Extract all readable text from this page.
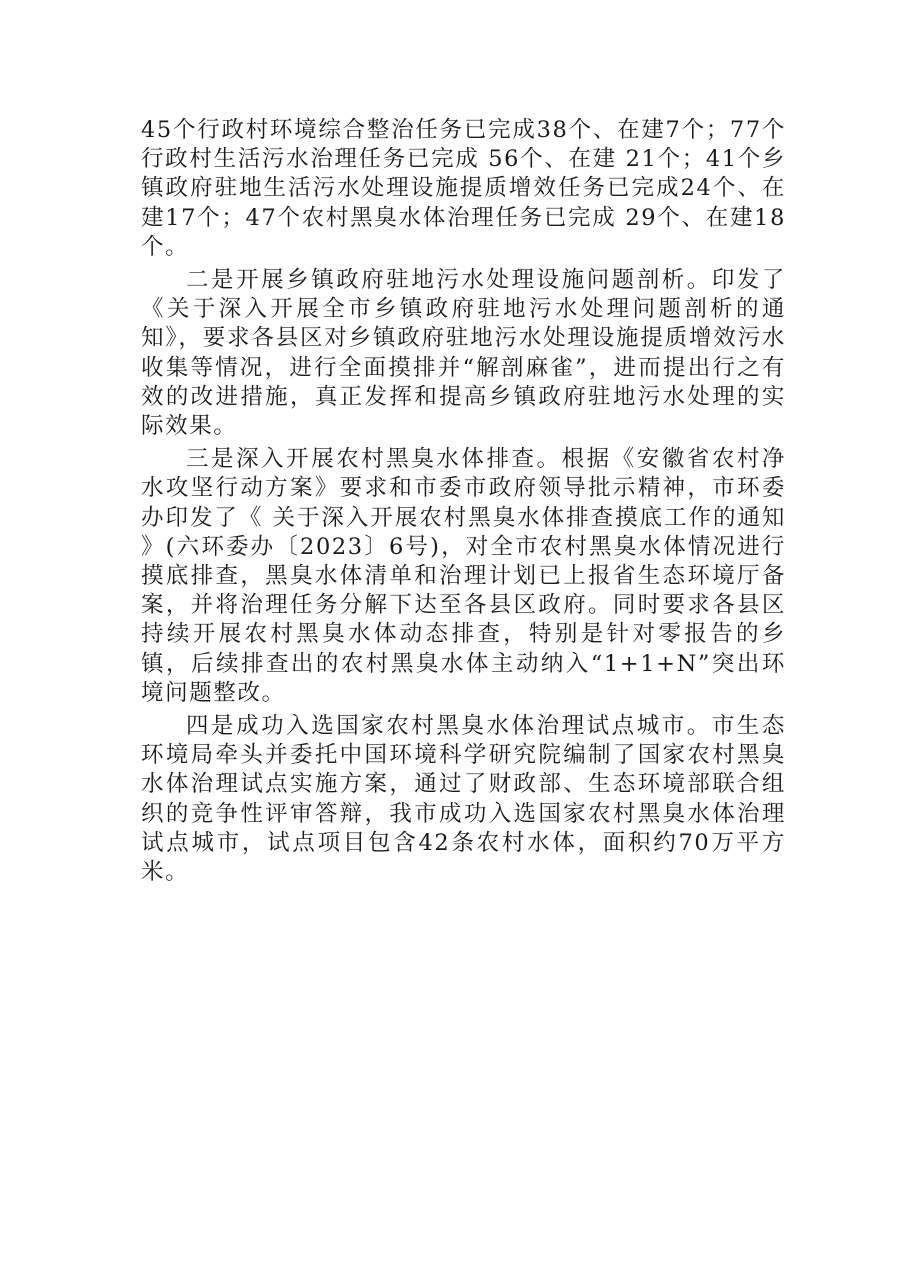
45个行政村环境综合整治任务已完成38个、在建7个；77个行政村生活污水治理任务已完成 56个、在建 21个；41个乡镇政府驻地生活污水处理设施提质增效任务已完成24个、在建17个；47个农村黑臭水体治理任务已完成 29个、在建18个。

二是开展乡镇政府驻地污水处理设施问题剖析。印发了《关于深入开展全市乡镇政府驻地污水处理问题剖析的通知》，要求各县区对乡镇政府驻地污水处理设施提质增效污水收集等情况，进行全面摸排并“解剖麻雀”，进而提出行之有效的改进措施，真正发挥和提高乡镇政府驻地污水处理的实际效果。

三是深入开展农村黑臭水体排查。根据《安徽省农村净水攻坚行动方案》要求和市委市政府领导批示精神，市环委办印发了《 关于深入开展农村黑臭水体排查摸底工作的通知 》(六环委办〔2023〕6号)，对全市农村黑臭水体情况进行摸底排查，黑臭水体清单和治理计划已上报省生态环境厅备案，并将治理任务分解下达至各县区政府。同时要求各县区持续开展农村黑臭水体动态排查，特别是针对零报告的乡镇，后续排查出的农村黑臭水体主动纳入“1+1+N”突出环境问题整改。

四是成功入选国家农村黑臭水体治理试点城市。市生态环境局牵头并委托中国环境科学研究院编制了国家农村黑臭水体治理试点实施方案，通过了财政部、生态环境部联合组织的竞争性评审答辩，我市成功入选国家农村黑臭水体治理试点城市，试点项目包含42条农村水体，面积约70万平方米。
